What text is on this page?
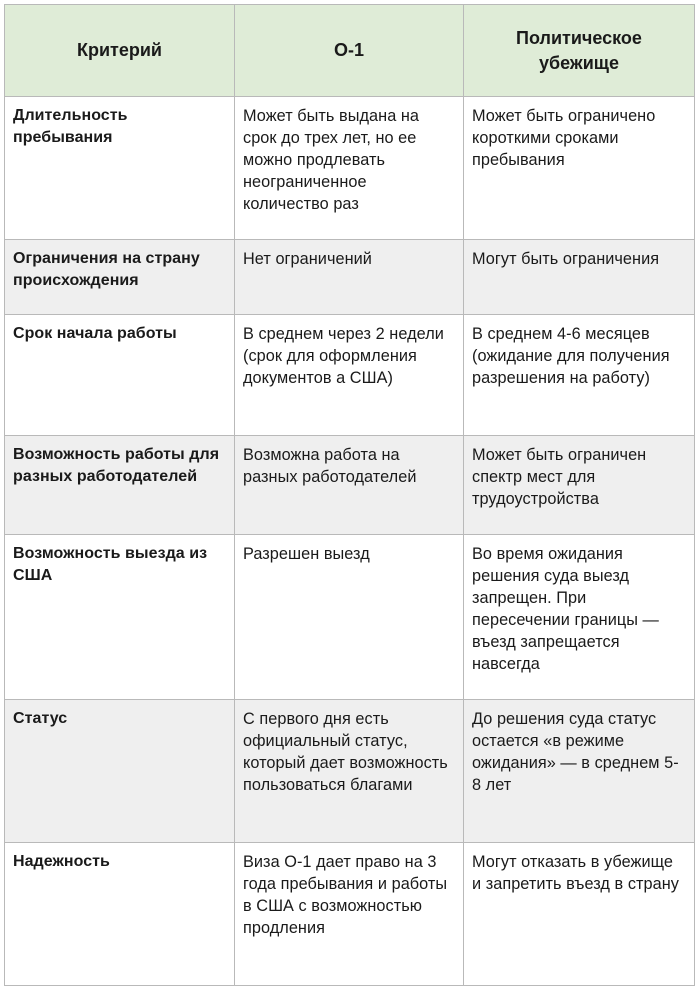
Критерий	О-1	Политическое убежище
Длительность пребывания	Может быть выдана на срок до трех лет, но ее можно продлевать неограниченное количество раз	Может быть ограничено короткими сроками пребывания
Ограничения на страну происхождения	Нет ограничений	Могут быть ограничения
Срок начала работы	В среднем через 2 недели (срок для оформления документов а США)	В среднем 4-6 месяцев (ожидание для получения разрешения на работу)
Возможность работы для разных работодателей	Возможна работа на разных работодателей	Может быть ограничен спектр мест для трудоустройства
Возможность выезда из США	Разрешен выезд	Во время ожидания решения суда выезд запрещен. При пересечении границы — въезд запрещается навсегда
Статус	С первого дня есть официальный статус, который дает возможность пользоваться благами	До решения суда статус остается «в режиме ожидания» — в среднем 5-8 лет
Надежность	Виза О-1 дает право на 3 года пребывания и работы в США с возможностью продления	Могут отказать в убежище и запретить въезд в страну
